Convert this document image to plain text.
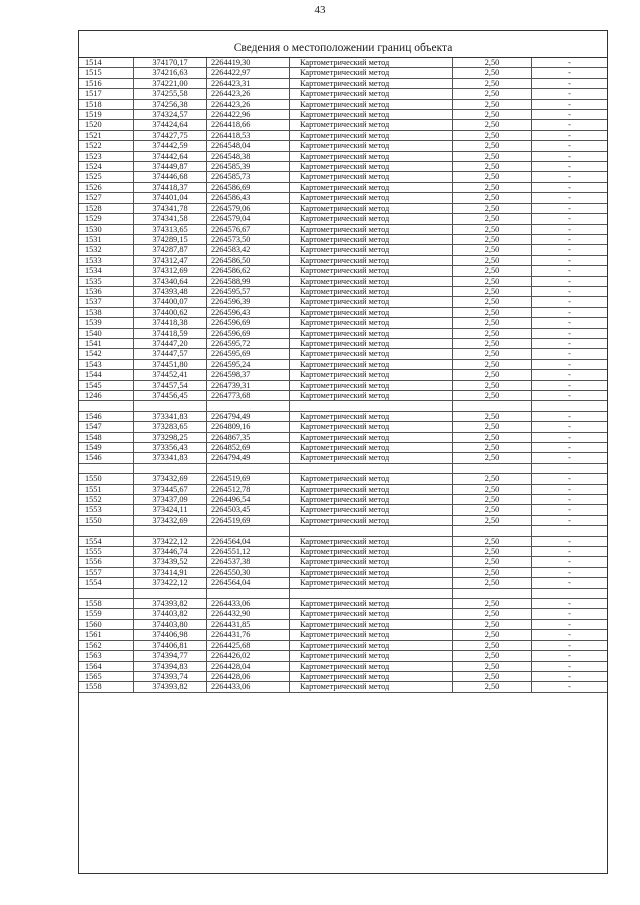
43
Сведения о местоположении границ объекта
1514	374170,17	2264419,30	Картометрический метод	2,50	-
1515	374216,63	2264422,97	Картометрический метод	2,50	-
1516	374221,00	2264423,31	Картометрический метод	2,50	-
1517	374255,58	2264423,26	Картометрический метод	2,50	-
1518	374256,38	2264423,26	Картометрический метод	2,50	-
1519	374324,57	2264422,96	Картометрический метод	2,50	-
1520	374424,64	2264418,66	Картометрический метод	2,50	-
1521	374427,75	2264418,53	Картометрический метод	2,50	-
1522	374442,59	2264548,04	Картометрический метод	2,50	-
1523	374442,64	2264548,38	Картометрический метод	2,50	-
1524	374449,87	2264585,39	Картометрический метод	2,50	-
1525	374446,68	2264585,73	Картометрический метод	2,50	-
1526	374418,37	2264586,69	Картометрический метод	2,50	-
1527	374401,04	2264586,43	Картометрический метод	2,50	-
1528	374341,78	2264579,06	Картометрический метод	2,50	-
1529	374341,58	2264579,04	Картометрический метод	2,50	-
1530	374313,65	2264576,67	Картометрический метод	2,50	-
1531	374289,15	2264573,50	Картометрический метод	2,50	-
1532	374287,87	2264583,42	Картометрический метод	2,50	-
1533	374312,47	2264586,50	Картометрический метод	2,50	-
1534	374312,69	2264586,62	Картометрический метод	2,50	-
1535	374340,64	2264588,99	Картометрический метод	2,50	-
1536	374393,48	2264595,57	Картометрический метод	2,50	-
1537	374400,07	2264596,39	Картометрический метод	2,50	-
1538	374400,62	2264596,43	Картометрический метод	2,50	-
1539	374418,38	2264596,69	Картометрический метод	2,50	-
1540	374418,59	2264596,69	Картометрический метод	2,50	-
1541	374447,20	2264595,72	Картометрический метод	2,50	-
1542	374447,57	2264595,69	Картометрический метод	2,50	-
1543	374451,80	2264595,24	Картометрический метод	2,50	-
1544	374452,41	2264598,37	Картометрический метод	2,50	-
1545	374457,54	2264739,31	Картометрический метод	2,50	-
1246	374456,45	2264773,68	Картометрический метод	2,50	-

1546	373341,83	2264794,49	Картометрический метод	2,50	-
1547	373283,65	2264809,16	Картометрический метод	2,50	-
1548	373298,25	2264867,35	Картометрический метод	2,50	-
1549	373356,43	2264852,69	Картометрический метод	2,50	-
1546	373341,83	2264794,49	Картометрический метод	2,50	-

1550	373432,69	2264519,69	Картометрический метод	2,50	-
1551	373445,67	2264512,78	Картометрический метод	2,50	-
1552	373437,09	2264496,54	Картометрический метод	2,50	-
1553	373424,11	2264503,45	Картометрический метод	2,50	-
1550	373432,69	2264519,69	Картометрический метод	2,50	-

1554	373422,12	2264564,04	Картометрический метод	2,50	-
1555	373446,74	2264551,12	Картометрический метод	2,50	-
1556	373439,52	2264537,38	Картометрический метод	2,50	-
1557	373414,91	2264550,30	Картометрический метод	2,50	-
1554	373422,12	2264564,04	Картометрический метод	2,50	-

1558	374393,82	2264433,06	Картометрический метод	2,50	-
1559	374403,82	2264432,90	Картометрический метод	2,50	-
1560	374403,80	2264431,85	Картометрический метод	2,50	-
1561	374406,98	2264431,76	Картометрический метод	2,50	-
1562	374406,81	2264425,68	Картометрический метод	2,50	-
1563	374394,77	2264426,02	Картометрический метод	2,50	-
1564	374394,83	2264428,04	Картометрический метод	2,50	-
1565	374393,74	2264428,06	Картометрический метод	2,50	-
1558	374393,82	2264433,06	Картометрический метод	2,50	-
